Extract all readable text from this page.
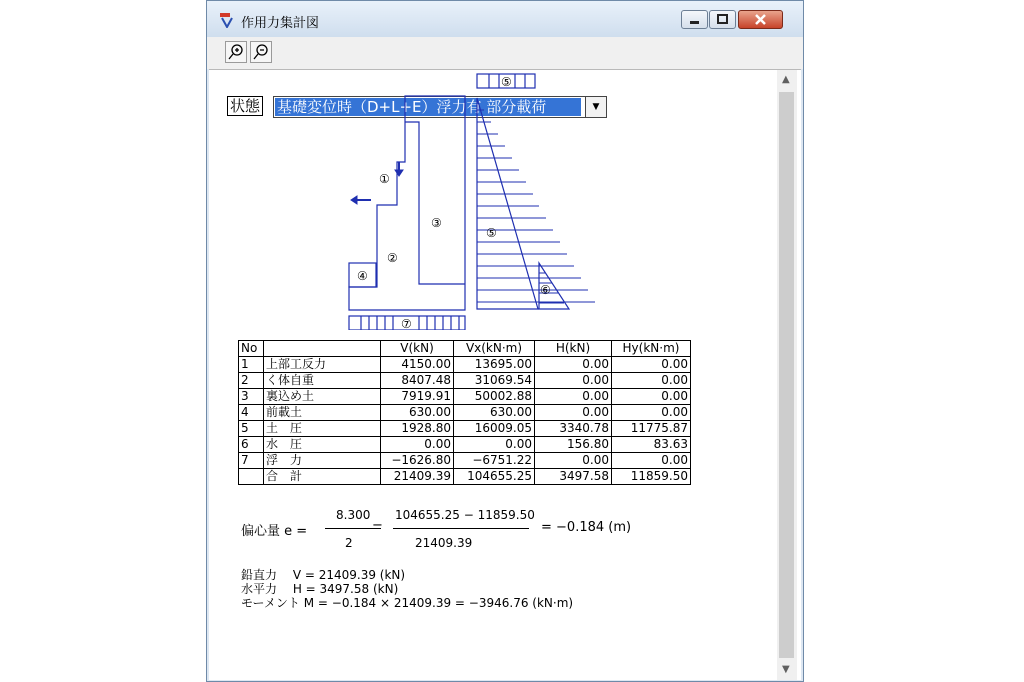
作用力集計図
状態 基礎変位時（D+L+E）浮力有 部分載荷	▼
①
②
③
④
⑤
⑤
⑥
⑦
No		V(kN)	Vx(kN·m)	H(kN)	Hy(kN·m)
1	上部工反力	4150.00	13695.00	0.00	0.00
2	く体自重	8407.48	31069.54	0.00	0.00
3	裏込め土	7919.91	50002.88	0.00	0.00
4	前載土	630.00	630.00	0.00	0.00
5	土　圧	1928.80	16009.05	3340.78	11775.87
6	水　圧	0.00	0.00	156.80	83.63
7	浮　力	−1626.80	−6751.22	0.00	0.00
	合　計	21409.39	104655.25	3497.58	11859.50
偏心量 e =
8.300
2
−
104655.25 − 11859.50
21409.39
= −0.184 (m)
鉛直力　 V = 21409.39 (kN)
水平力　 H = 3497.58 (kN)
モーメント M = −0.184 × 21409.39 = −3946.76 (kN·m)
▲
▼
